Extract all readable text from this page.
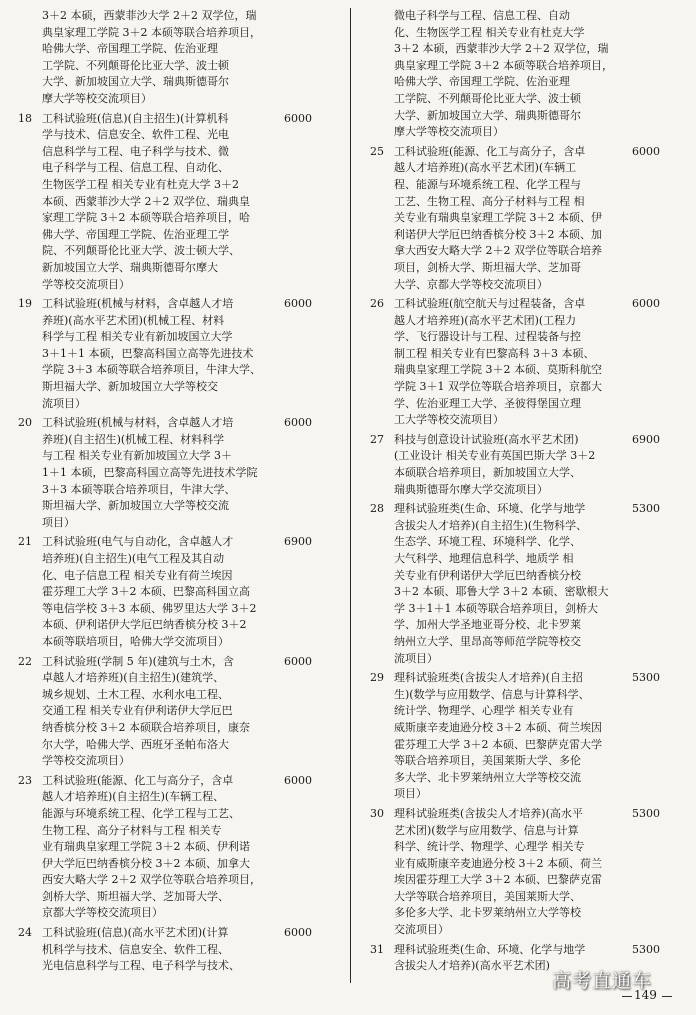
3＋2 本硕，西蒙菲沙大学 2＋2 双学位，瑞
典皇家理工学院 3＋2 本硕等联合培养项目，
哈佛大学、帝国理工学院、佐治亚理
工学院、不列颠哥伦比亚大学、波士顿
大学、新加坡国立大学、瑞典斯德哥尔
摩大学等校交流项目）
18 工科试验班(信息)(自主招生)(计算机科
学与技术、信息安全、软件工程、光电
信息科学与工程、电子科学与技术、微
电子科学与工程、信息工程、自动化、
生物医学工程 相关专业有杜克大学 3＋2
本硕、西蒙菲沙大学 2＋2 双学位、瑞典皇
家理工学院 3＋2 本硕等联合培养项目，哈
佛大学、帝国理工学院、佐治亚理工学
院、不列颠哥伦比亚大学、波士顿大学、
新加坡国立大学、瑞典斯德哥尔摩大
学等校交流项目）
6000
19 工科试验班(机械与材料，含卓越人才培
养班)(高水平艺术团)(机械工程、材料
科学与工程 相关专业有新加坡国立大学
3＋1＋1 本硕，巴黎高科国立高等先进技术
学院 3＋3 本硕等联合培养项目，牛津大学、
斯坦福大学、新加坡国立大学等校交
流项目）
6000
20 工科试验班(机械与材料，含卓越人才培
养班)(自主招生)(机械工程、材料科学
与工程 相关专业有新加坡国立大学 3＋
1＋1 本硕，巴黎高科国立高等先进技术学院
3＋3 本硕等联合培养项目，牛津大学、
斯坦福大学、新加坡国立大学等校交流
项目）
6000
21 工科试验班(电气与自动化，含卓越人才
培养班)(自主招生)(电气工程及其自动
化、电子信息工程 相关专业有荷兰埃因
霍芬理工大学 3＋2 本硕、巴黎高科国立高
等电信学校 3＋3 本硕、佛罗里达大学 3＋2
本硕、伊利诺伊大学厄巴纳香槟分校 3＋2
本硕等联培项目，哈佛大学交流项目）
6900
22 工科试验班(学制 5 年)(建筑与土木，含
卓越人才培养班)(自主招生)(建筑学、
城乡规划、土木工程、水利水电工程、
交通工程 相关专业有伊利诺伊大学厄巴
纳香槟分校 3＋2 本硕联合培养项目，康奈
尔大学，哈佛大学、西班牙圣帕布洛大
学等校交流项目）
6000
23 工科试验班(能源、化工与高分子，含卓
越人才培养班)(自主招生)(车辆工程、
能源与环境系统工程、化学工程与工艺、
生物工程、高分子材料与工程 相关专
业有瑞典皇家理工学院 3＋2 本硕、伊利诺
伊大学厄巴纳香槟分校 3＋2 本硕、加拿大
西安大略大学 2＋2 双学位等联合培养项目，
剑桥大学、斯坦福大学、芝加哥大学、
京都大学等校交流项目）
6000
24 工科试验班(信息)(高水平艺术团)(计算
机科学与技术、信息安全、软件工程、
光电信息科学与工程、电子科学与技术、
6000
微电子科学与工程、信息工程、自动
化、生物医学工程 相关专业有杜克大学
3＋2 本硕，西蒙菲沙大学 2＋2 双学位，瑞
典皇家理工学院 3＋2 本硕等联合培养项目，
哈佛大学、帝国理工学院、佐治亚理
工学院、不列颠哥伦比亚大学、波士顿
大学、新加坡国立大学、瑞典斯德哥尔
摩大学等校交流项目）
25 工科试验班(能源、化工与高分子，含卓
越人才培养班)(高水平艺术团)(车辆工
程、能源与环境系统工程、化学工程与
工艺、生物工程、高分子材料与工程 相
关专业有瑞典皇家理工学院 3＋2 本硕、伊
利诺伊大学厄巴纳香槟分校 3＋2 本硕、加
拿大西安大略大学 2＋2 双学位等联合培养
项目，剑桥大学、斯坦福大学、芝加哥
大学、京都大学等校交流项目）
6000
26 工科试验班(航空航天与过程装备，含卓
越人才培养班)(高水平艺术团)(工程力
学、飞行器设计与工程、过程装备与控
制工程 相关专业有巴黎高科 3＋3 本硕、
瑞典皇家理工学院 3＋2 本硕、莫斯科航空
学院 3＋1 双学位等联合培养项目，京都大
学、佐治亚理工大学、圣彼得堡国立理
工大学等校交流项目）
6000
27 科技与创意设计试验班(高水平艺术团)
(工业设计 相关专业有英国巴斯大学 3＋2
本硕联合培养项目，新加坡国立大学、
瑞典斯德哥尔摩大学交流项目）
6900
28 理科试验班类(生命、环境、化学与地学
含拔尖人才培养)(自主招生)(生物科学、
生态学、环境工程、环境科学、化学、
大气科学、地理信息科学、地质学 相
关专业有伊利诺伊大学厄巴纳香槟分校
3＋2 本硕、耶鲁大学 3＋2 本硕、密歇根大
学 3＋1＋1 本硕等联合培养项目，剑桥大
学、加州大学圣地亚哥分校、北卡罗莱
纳州立大学、里昂高等师范学院等校交
流项目）
5300
29 理科试验班类(含拔尖人才培养)(自主招
生)(数学与应用数学、信息与计算科学、
统计学、物理学、心理学 相关专业有
威斯康辛麦迪逊分校 3＋2 本硕、荷兰埃因
霍芬理工大学 3＋2 本硕、巴黎萨克雷大学
等联合培养项目，美国莱斯大学、多伦
多大学、北卡罗莱纳州立大学等校交流
项目）
5300
30 理科试验班类(含拔尖人才培养)(高水平
艺术团)(数学与应用数学、信息与计算
科学、统计学、物理学、心理学 相关专
业有威斯康辛麦迪逊分校 3＋2 本硕、荷兰
埃因霍芬理工大学 3＋2 本硕、巴黎萨克雷
大学等联合培养项目，美国莱斯大学、
多伦多大学、北卡罗莱纳州立大学等校
交流项目）
5300
31 理科试验班类(生命、环境、化学与地学
含拔尖人才培养)(高水平艺术团)
5300
高考直通车
149
